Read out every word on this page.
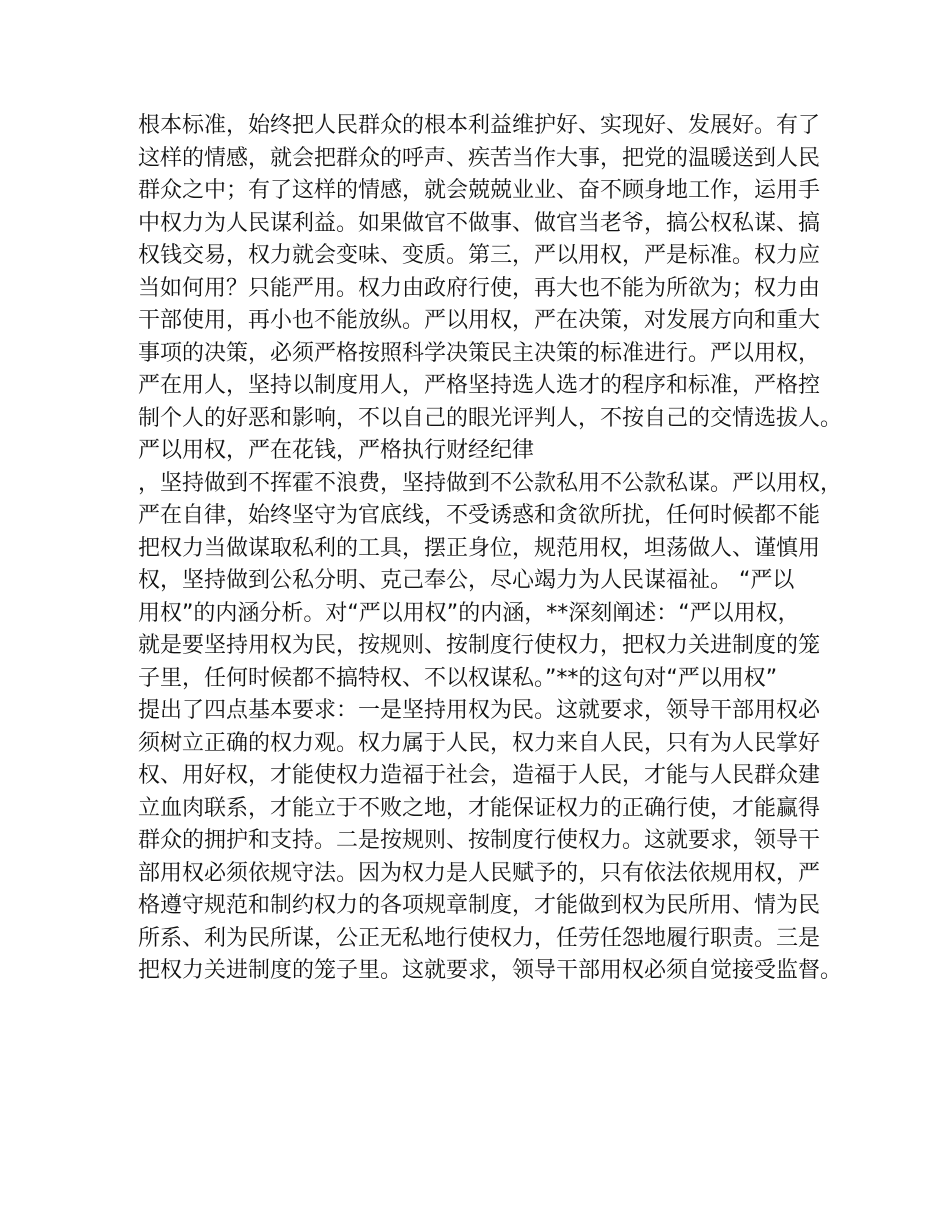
根本标准，始终把人民群众的根本利益维护好、实现好、发展好。有了
这样的情感，就会把群众的呼声、疾苦当作大事，把党的温暖送到人民
群众之中；有了这样的情感，就会兢兢业业、奋不顾身地工作，运用手
中权力为人民谋利益。如果做官不做事、做官当老爷，搞公权私谋、搞
权钱交易，权力就会变味、变质。第三，严以用权，严是标准。权力应
当如何用？只能严用。权力由政府行使，再大也不能为所欲为；权力由
干部使用，再小也不能放纵。严以用权，严在决策，对发展方向和重大
事项的决策，必须严格按照科学决策民主决策的标准进行。严以用权，
严在用人，坚持以制度用人，严格坚持选人选才的程序和标准，严格控
制个人的好恶和影响，不以自己的眼光评判人，不按自己的交情选拔人。
严以用权，严在花钱，严格执行财经纪律
，坚持做到不挥霍不浪费，坚持做到不公款私用不公款私谋。严以用权，
严在自律，始终坚守为官底线，不受诱惑和贪欲所扰，任何时候都不能
把权力当做谋取私利的工具，摆正身位，规范用权，坦荡做人、谨慎用
权，坚持做到公私分明、克己奉公，尽心竭力为人民谋福祉。 “严以
用权”的内涵分析。对“严以用权”的内涵，**深刻阐述：“严以用权，
就是要坚持用权为民，按规则、按制度行使权力，把权力关进制度的笼
子里，任何时候都不搞特权、不以权谋私。”**的这句对“严以用权”
提出了四点基本要求：一是坚持用权为民。这就要求，领导干部用权必
须树立正确的权力观。权力属于人民，权力来自人民，只有为人民掌好
权、用好权，才能使权力造福于社会，造福于人民，才能与人民群众建
立血肉联系，才能立于不败之地，才能保证权力的正确行使，才能赢得
群众的拥护和支持。二是按规则、按制度行使权力。这就要求，领导干
部用权必须依规守法。因为权力是人民赋予的，只有依法依规用权，严
格遵守规范和制约权力的各项规章制度，才能做到权为民所用、情为民
所系、利为民所谋，公正无私地行使权力，任劳任怨地履行职责。三是
把权力关进制度的笼子里。这就要求，领导干部用权必须自觉接受监督。
